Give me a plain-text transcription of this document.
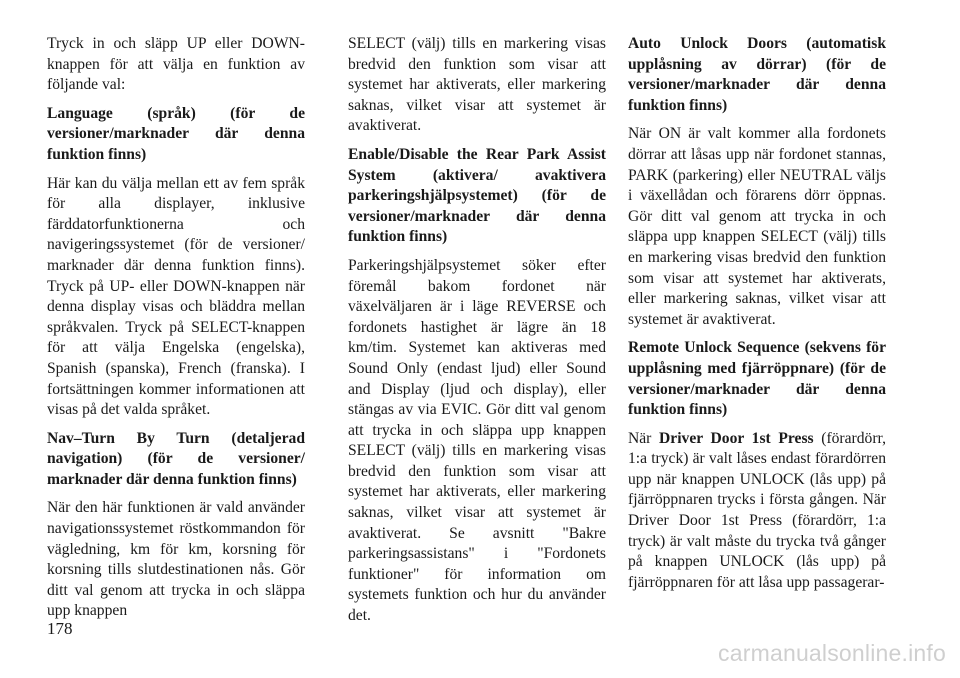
Tryck in och släpp UP eller DOWN-knappen för att välja en funktion av följande val:

Language (språk) (för de versioner/marknader där denna funktion finns)

Här kan du välja mellan ett av fem språk för alla displayer, inklusive färddatorfunktionerna och navigeringssystemet (för de versioner/ marknader där denna funktion finns). Tryck på UP- eller DOWN-knappen när denna display visas och bläddra mellan språkvalen. Tryck på SELECT-knappen för att välja Engelska (engelska), Spanish (spanska), French (franska). I fortsättningen kommer informationen att visas på det valda språket.

Nav–Turn By Turn (detaljerad navigation) (för de versioner/ marknader där denna funktion finns)

När den här funktionen är vald använder navigationssystemet röstkommandon för vägledning, km för km, korsning för korsning tills slutdestinationen nås. Gör ditt val genom att trycka in och släppa upp knappen

SELECT (välj) tills en markering visas bredvid den funktion som visar att systemet har aktiverats, eller markering saknas, vilket visar att systemet är avaktiverat.

Enable/Disable the Rear Park Assist System (aktivera/ avaktivera parkeringshjälpsystemet) (för de versioner/marknader där denna funktion finns)

Parkeringshjälpsystemet söker efter föremål bakom fordonet när växelväljaren är i läge REVERSE och fordonets hastighet är lägre än 18 km/tim. Systemet kan aktiveras med Sound Only (endast ljud) eller Sound and Display (ljud och display), eller stängas av via EVIC. Gör ditt val genom att trycka in och släppa upp knappen SELECT (välj) tills en markering visas bredvid den funktion som visar att systemet har aktiverats, eller markering saknas, vilket visar att systemet är avaktiverat. Se avsnitt "Bakre parkeringsassistans" i "Fordonets funktioner" för information om systemets funktion och hur du använder det.

Auto Unlock Doors (automatisk upplåsning av dörrar) (för de versioner/marknader där denna funktion finns)

När ON är valt kommer alla fordonets dörrar att låsas upp när fordonet stannas, PARK (parkering) eller NEUTRAL väljs i växellådan och förarens dörr öppnas. Gör ditt val genom att trycka in och släppa upp knappen SELECT (välj) tills en markering visas bredvid den funktion som visar att systemet har aktiverats, eller markering saknas, vilket visar att systemet är avaktiverat.

Remote Unlock Sequence (sekvens för upplåsning med fjärröppnare) (för de versioner/marknader där denna funktion finns)

När Driver Door 1st Press (förardörr, 1:a tryck) är valt låses endast förardörren upp när knappen UNLOCK (lås upp) på fjärröppnaren trycks i första gången. När Driver Door 1st Press (förardörr, 1:a tryck) är valt måste du trycka två gånger på knappen UNLOCK (lås upp) på fjärröppnaren för att låsa upp passagerar-

178
carmanualsonline.info
